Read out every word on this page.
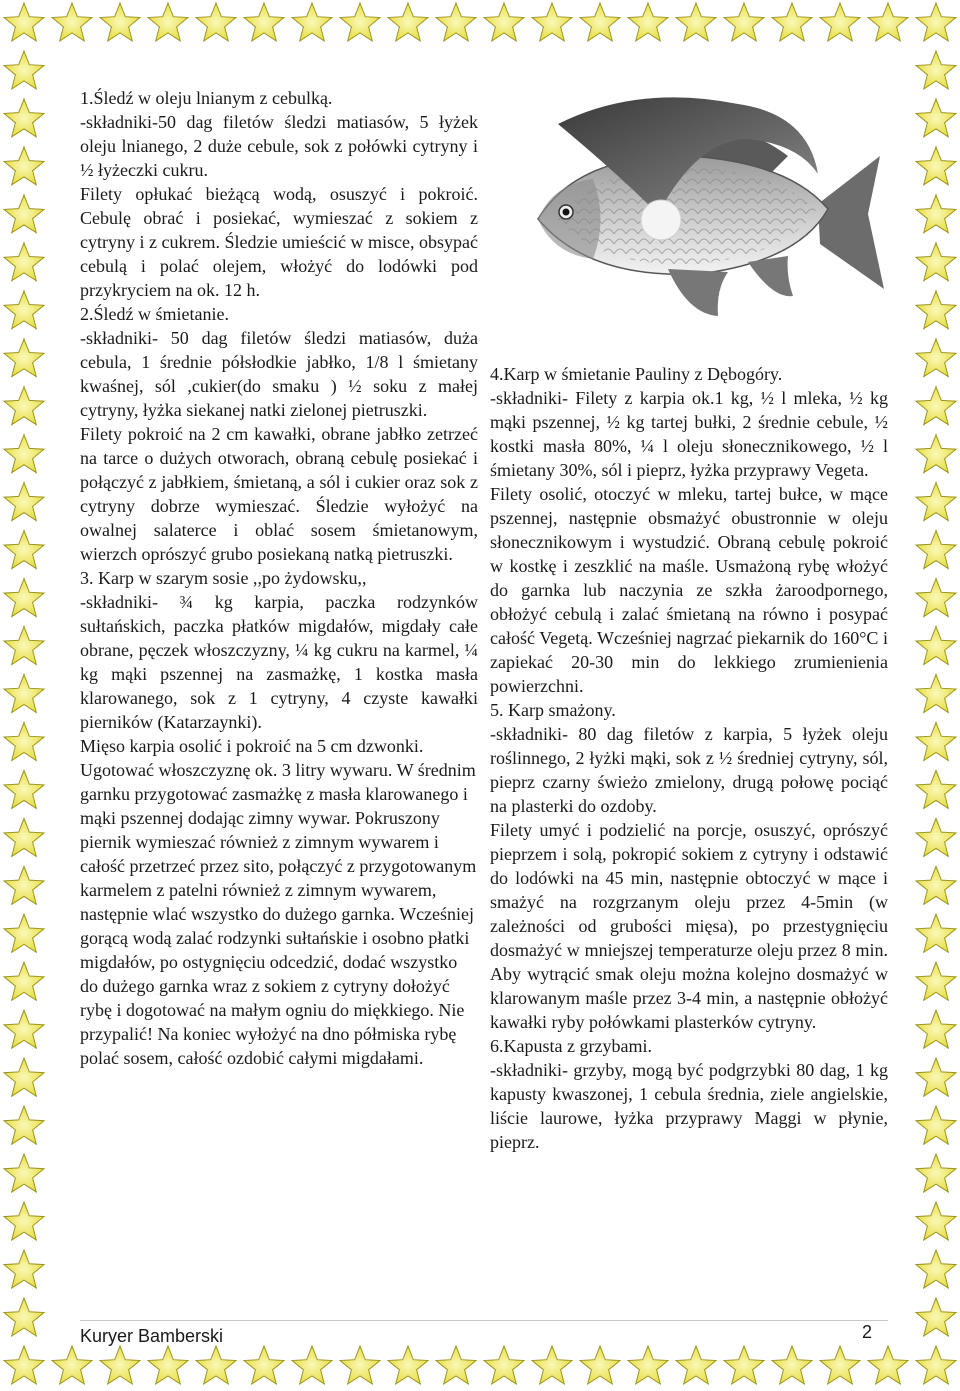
1.Śledź w oleju lnianym z cebulką.

-składniki-50 dag filetów śledzi matiasów, 5 łyżek oleju lnianego, 2 duże cebule, sok z połówki cytryny i ½ łyżeczki cukru.

Filety opłukać bieżącą wodą, osuszyć i pokroić. Cebulę obrać i posiekać, wymieszać z sokiem z cytryny i z cukrem. Śledzie umieścić w misce, obsypać cebulą i polać olejem, włożyć do lodówki pod przykryciem na ok. 12 h.

2.Śledź w śmietanie.

-składniki- 50 dag filetów śledzi matiasów, duża cebula, 1 średnie półsłodkie jabłko, 1/8 l śmietany kwaśnej, sól ,cukier(do smaku ) ½ soku z małej cytryny, łyżka siekanej natki zielonej pietruszki.

Filety pokroić na 2 cm kawałki, obrane jabłko zetrzeć na tarce o dużych otworach, obraną cebulę posiekać i połączyć z jabłkiem, śmietaną, a sól i cukier oraz sok z cytryny dobrze wymieszać. Śledzie wyłożyć na owalnej salaterce i oblać sosem śmietanowym, wierzch oprószyć grubo posiekaną natką pietruszki.

3. Karp w szarym sosie ,,po żydowsku,,

-składniki- ¾ kg karpia, paczka rodzynków sułtańskich, paczka płatków migdałów, migdały całe obrane, pęczek włoszczyzny, ¼ kg cukru na karmel, ¼ kg mąki pszennej na zasmażkę, 1 kostka masła klarowanego, sok z 1 cytryny, 4 czyste kawałki pierników (Katarzaynki).

Mięso karpia osolić i pokroić na 5 cm dzwonki. Ugotować włoszczyznę ok. 3 litry wywaru. W średnim garnku przygotować zasmażkę z masła klarowanego i mąki pszennej dodając zimny wywar. Pokruszony piernik wymieszać również z zimnym wywarem i całość przetrzeć przez sito, połączyć z przygotowanym karmelem z patelni również z zimnym wywarem, następnie wlać wszystko do dużego garnka. Wcześniej gorącą wodą zalać rodzynki sułtańskie i osobno płatki migdałów, po ostygnięciu odcedzić, dodać wszystko do dużego garnka wraz z sokiem z cytryny dołożyć rybę i dogotować na małym ogniu do miękkiego. Nie przypalić! Na koniec wyłożyć na dno półmiska rybę polać sosem, całość ozdobić całymi migdałami.

4.Karp w śmietanie Pauliny z Dębogóry.

-składniki- Filety z karpia ok.1 kg, ½ l mleka, ½ kg mąki pszennej, ½ kg tartej bułki, 2 średnie cebule, ½ kostki masła 80%, ¼ l oleju słonecznikowego, ½ l śmietany 30%, sól i pieprz, łyżka przyprawy Vegeta.

Filety osolić, otoczyć w mleku, tartej bułce, w mące pszennej, następnie obsmażyć obustronnie w oleju słonecznikowym i wystudzić. Obraną cebulę pokroić w kostkę i zeszklić na maśle. Usmażoną rybę włożyć do garnka lub naczynia ze szkła żaroodpornego, obłożyć cebulą i zalać śmietaną na równo i posypać całość Vegetą. Wcześniej nagrzać piekarnik do 160°C i zapiekać 20-30 min do lekkiego zrumienienia powierzchni.

5. Karp smażony.

-składniki- 80 dag filetów z karpia, 5 łyżek oleju roślinnego, 2 łyżki mąki, sok z ½ średniej cytryny, sól, pieprz czarny świeżo zmielony, drugą połowę pociąć na plasterki do ozdoby.

Filety umyć i podzielić na porcje, osuszyć, oprószyć pieprzem i solą, pokropić sokiem z cytryny i odstawić do lodówki na 45 min, następnie obtoczyć w mące i smażyć na rozgrzanym oleju przez 4-5min (w zależności od grubości mięsa), po przestygnięciu dosmażyć w mniejszej temperaturze oleju przez 8 min. Aby wytrącić smak oleju można kolejno dosmażyć w klarowanym maśle przez 3-4 min, a następnie obłożyć kawałki ryby połówkami plasterków cytryny.

6.Kapusta z grzybami.

-składniki- grzyby, mogą być podgrzybki 80 dag, 1 kg kapusty kwaszonej, 1 cebula średnia, ziele angielskie, liście laurowe, łyżka przyprawy Maggi w płynie, pieprz.

Kuryer Bamberski	2
